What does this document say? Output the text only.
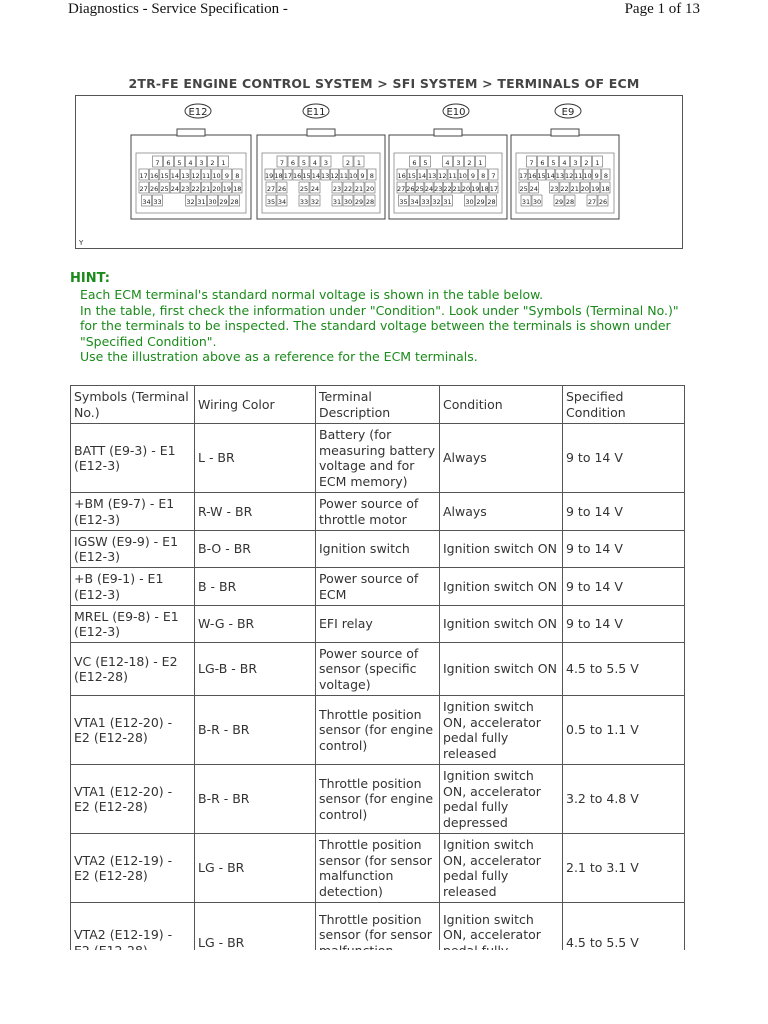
Diagnostics - Service Specification -	Page 1 of 13
2TR-FE ENGINE CONTROL SYSTEM > SFI SYSTEM > TERMINALS OF ECM
E12
7 6 5 4 3 2 1
17 16 15 14 13 12 11 10 9 8
27 26 25 24 23 22 21 20 19 18
34 33	32 31 30 29 28
E11
7 6 5 4 3	2 1
19 18 17 16 15 14 13 12 11 10 9 8
27 26 25 24 23 22 21 20
35 34 33 32 31 30 29 28
E10
6 5	4 3 2 1
16 15 14 13 12 11 10 9 8 7
27 26 25 24 23 22 21 20 19 18 17
35 34 33 32 31 30 29 28
E9
7 6 5 4 3 2 1
17 16 15 14 13 12 11 10 9 8
25 24 23 22 21 20 19 18
31 30 29 28 27 26
Y
HINT:
Each ECM terminal's standard normal voltage is shown in the table below.
In the table, first check the information under "Condition". Look under "Symbols (Terminal No.)"
for the terminals to be inspected. The standard voltage between the terminals is shown under
"Specified Condition".
Use the illustration above as a reference for the ECM terminals.
Symbols (Terminal No.)	Wiring Color	Terminal Description	Condition	Specified Condition
BATT (E9-3) - E1 (E12-3)	L - BR	Battery (for measuring battery voltage and for ECM memory)	Always	9 to 14 V
+BM (E9-7) - E1 (E12-3)	R-W - BR	Power source of throttle motor	Always	9 to 14 V
IGSW (E9-9) - E1 (E12-3)	B-O - BR	Ignition switch	Ignition switch ON	9 to 14 V
+B (E9-1) - E1 (E12-3)	B - BR	Power source of ECM	Ignition switch ON	9 to 14 V
MREL (E9-8) - E1 (E12-3)	W-G - BR	EFI relay	Ignition switch ON	9 to 14 V
VC (E12-18) - E2 (E12-28)	LG-B - BR	Power source of sensor (specific voltage)	Ignition switch ON	4.5 to 5.5 V
VTA1 (E12-20) - E2 (E12-28)	B-R - BR	Throttle position sensor (for engine control)	Ignition switch ON, accelerator pedal fully released	0.5 to 1.1 V
VTA1 (E12-20) - E2 (E12-28)	B-R - BR	Throttle position sensor (for engine control)	Ignition switch ON, accelerator pedal fully depressed	3.2 to 4.8 V
VTA2 (E12-19) - E2 (E12-28)	LG - BR	Throttle position sensor (for sensor malfunction detection)	Ignition switch ON, accelerator pedal fully released	2.1 to 3.1 V
VTA2 (E12-19) -	LG - BR	Throttle position sensor (for sensor	Ignition switch ON, accelerator	4.5 to 5.5 V
